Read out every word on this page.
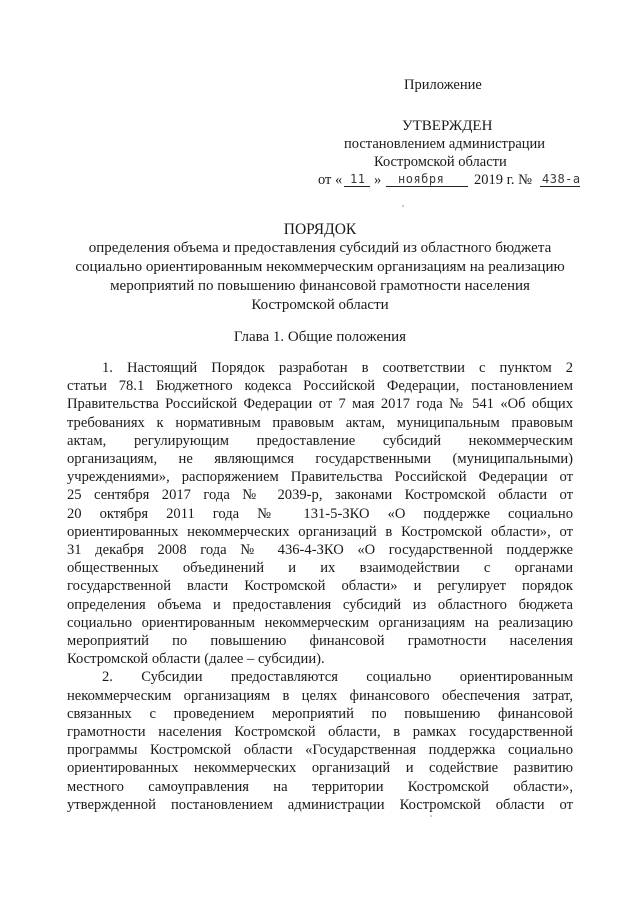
Приложение
УТВЕРЖДЕН
постановлением администрации
Костромской области
от « 11 » ноября 2019 г. № 438-а
ПОРЯДОК
определения объема и предоставления субсидий из областного бюджета
социально ориентированным некоммерческим организациям на реализацию
мероприятий по повышению финансовой грамотности населения
Костромской области
Глава 1. Общие положения

1. Настоящий Порядок разработан в соответствии с пунктом 2

статьи 78.1 Бюджетного кодекса Российской Федерации, постановлением

Правительства Российской Федерации от 7 мая 2017 года № 541 «Об общих

требованиях к нормативным правовым актам, муниципальным правовым

актам, регулирующим предоставление субсидий некоммерческим

организациям, не являющимся государственными (муниципальными)

учреждениями», распоряжением Правительства Российской Федерации от

25 сентября 2017 года № 2039-р, законами Костромской области от

20 октября 2011 года № 131-5-ЗКО «О поддержке социально

ориентированных некоммерческих организаций в Костромской области», от

31 декабря 2008 года № 436-4-ЗКО «О государственной поддержке

общественных объединений и их взаимодействии с органами

государственной власти Костромской области» и регулирует порядок

определения объема и предоставления субсидий из областного бюджета

социально ориентированным некоммерческим организациям на реализацию

мероприятий по повышению финансовой грамотности населения

Костромской области (далее – субсидии).

2. Субсидии предоставляются социально ориентированным

некоммерческим организациям в целях финансового обеспечения затрат,

связанных с проведением мероприятий по повышению финансовой

грамотности населения Костромской области, в рамках государственной

программы Костромской области «Государственная поддержка социально

ориентированных некоммерческих организаций и содействие развитию

местного самоуправления на территории Костромской области»,

утвержденной постановлением администрации Костромской области от
